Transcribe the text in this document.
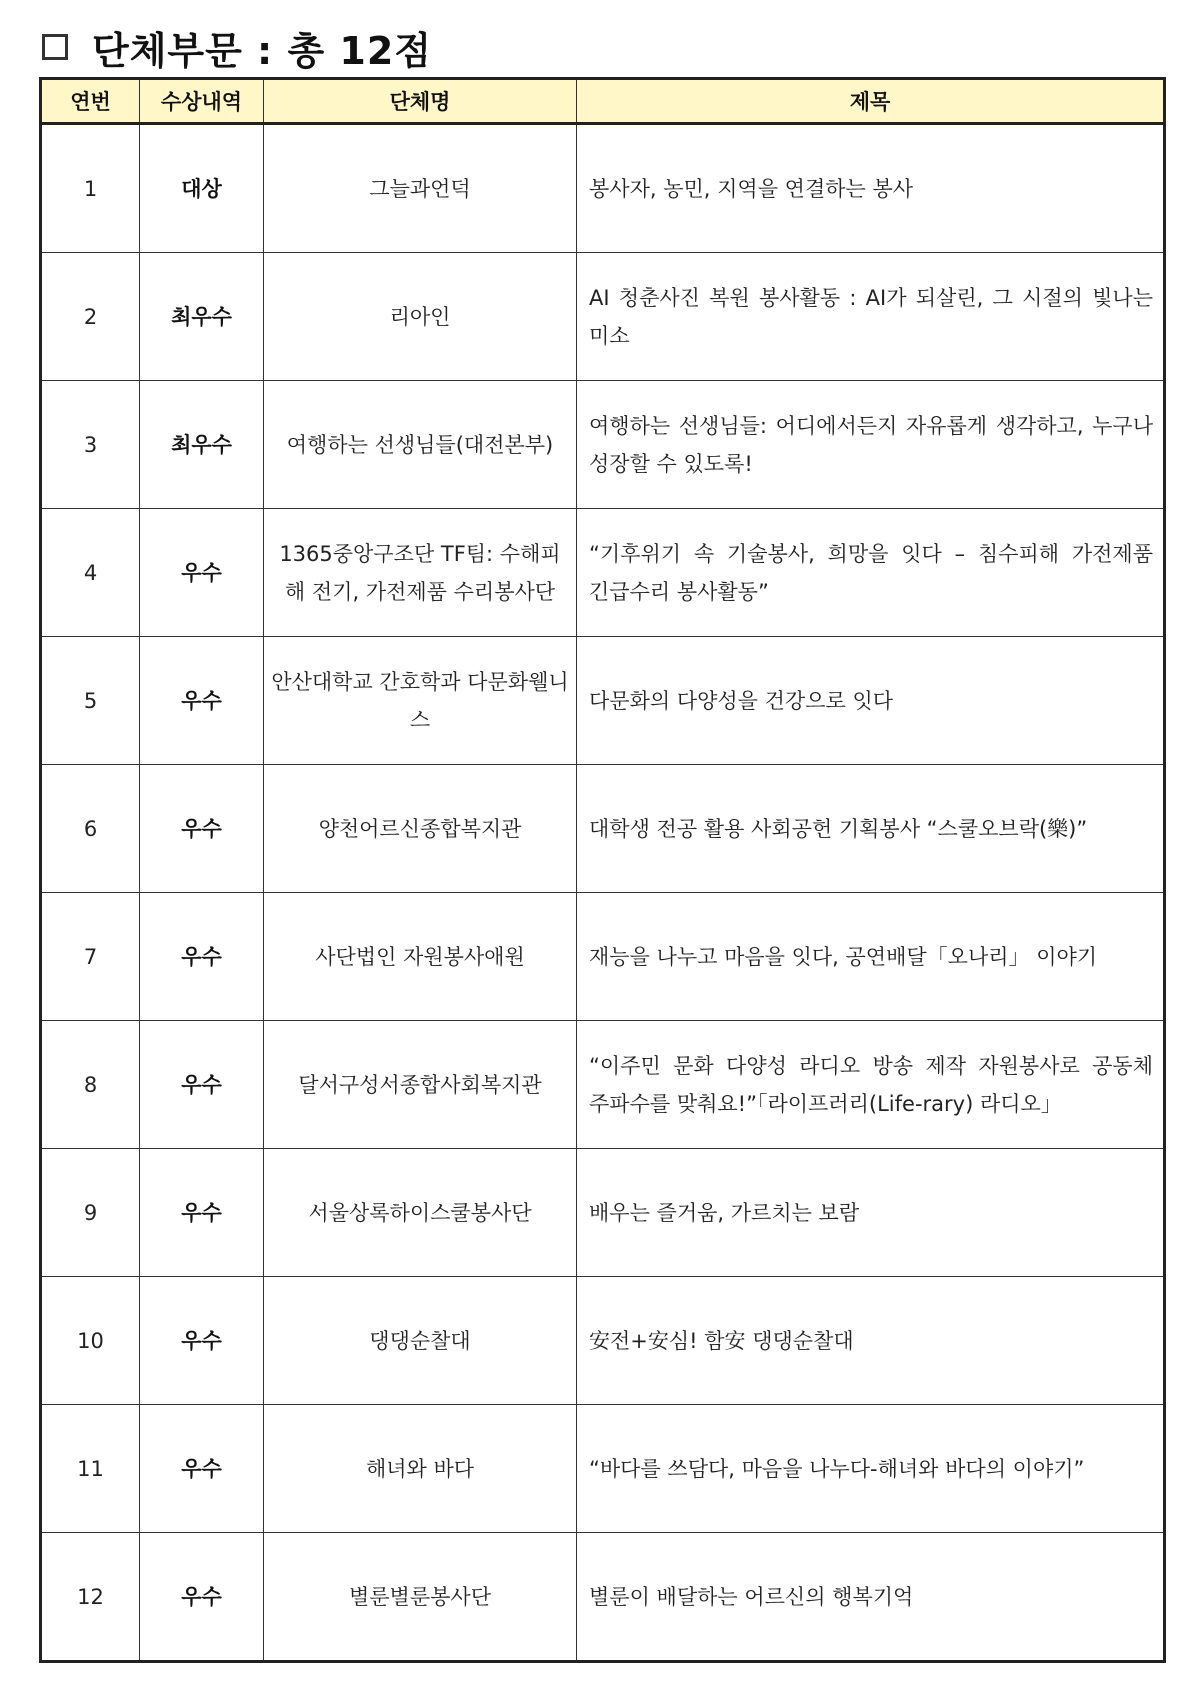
단체부문 : 총 12점
연번	수상내역	단체명	제목
1	대상	그늘과언덕	봉사자, 농민, 지역을 연결하는 봉사
2	최우수	리아인	AI 청춘사진 복원 봉사활동 : AI가 되살린, 그 시절의 빛나는 미소
3	최우수	여행하는 선생님들(대전본부)	여행하는 선생님들: 어디에서든지 자유롭게 생각하고, 누구나 성장할 수 있도록!
4	우수	1365중앙구조단 TF팀: 수해피해 전기, 가전제품 수리봉사단	“기후위기 속 기술봉사, 희망을 잇다 – 침수피해 가전제품 긴급수리 봉사활동”
5	우수	안산대학교 간호학과 다문화웰니스	다문화의 다양성을 건강으로 잇다
6	우수	양천어르신종합복지관	대학생 전공 활용 사회공헌 기획봉사 “스쿨오브락(樂)”
7	우수	사단법인 자원봉사애원	재능을 나누고 마음을 잇다, 공연배달「오나리」 이야기
8	우수	달서구성서종합사회복지관	“이주민 문화 다양성 라디오 방송 제작 자원봉사로 공동체 주파수를 맞춰요!”「라이프러리(Life-rary) 라디오」
9	우수	서울상록하이스쿨봉사단	배우는 즐거움, 가르치는 보람
10	우수	댕댕순찰대	安전+安심! 함安 댕댕순찰대
11	우수	해녀와 바다	“바다를 쓰담다, 마음을 나누다-해녀와 바다의 이야기”
12	우수	별룬별룬봉사단	별룬이 배달하는 어르신의 행복기억
